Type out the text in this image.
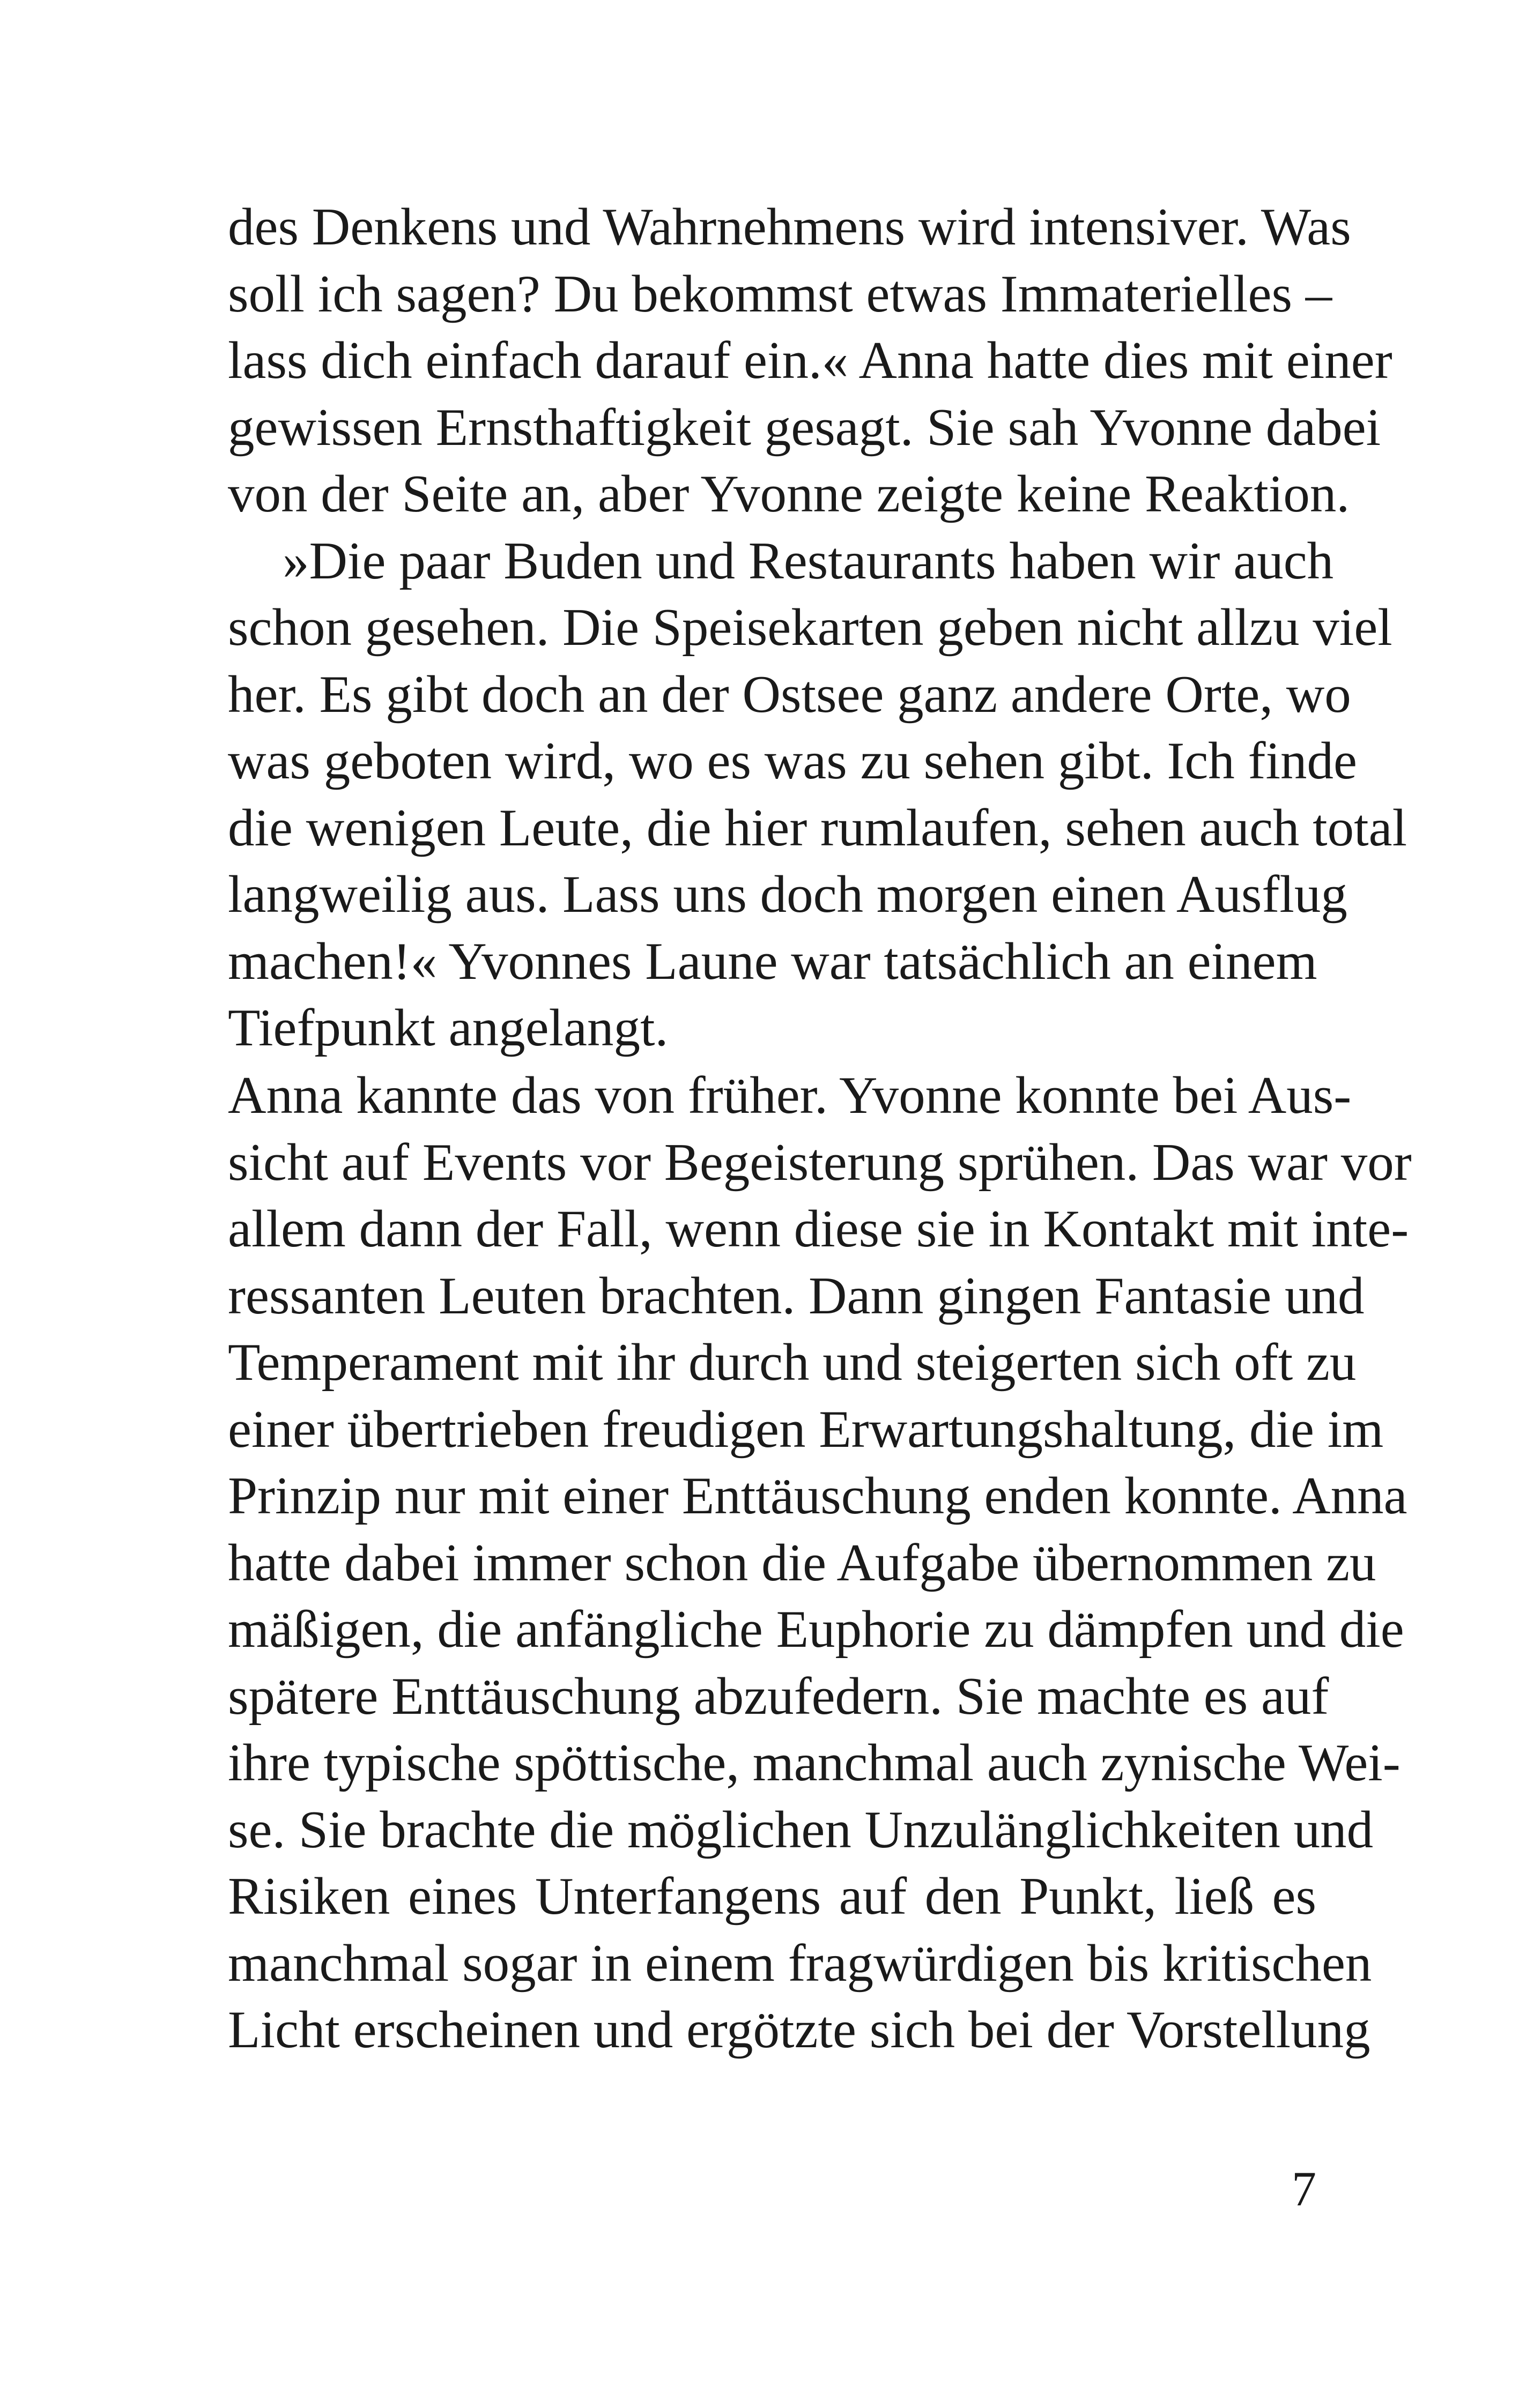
des Denkens und Wahrnehmens wird intensiver. Was
soll ich sagen? Du bekommst etwas Immaterielles –
lass dich einfach darauf ein.« Anna hatte dies mit einer
gewissen Ernsthaftigkeit gesagt. Sie sah Yvonne dabei
von der Seite an, aber Yvonne zeigte keine Reaktion.
»Die paar Buden und Restaurants haben wir auch
schon gesehen. Die Speisekarten geben nicht allzu viel
her. Es gibt doch an der Ostsee ganz andere Orte, wo
was geboten wird, wo es was zu sehen gibt. Ich finde
die wenigen Leute, die hier rumlaufen, sehen auch total
langweilig aus. Lass uns doch morgen einen Ausflug
machen!« Yvonnes Laune war tatsächlich an einem
Tiefpunkt angelangt.
Anna kannte das von früher. Yvonne konnte bei Aus-
sicht auf Events vor Begeisterung sprühen. Das war vor
allem dann der Fall, wenn diese sie in Kontakt mit inte-
ressanten Leuten brachten. Dann gingen Fantasie und
Temperament mit ihr durch und steigerten sich oft zu
einer übertrieben freudigen Erwartungshaltung, die im
Prinzip nur mit einer Enttäuschung enden konnte. Anna
hatte dabei immer schon die Aufgabe übernommen zu
mäßigen, die anfängliche Euphorie zu dämpfen und die
spätere Enttäuschung abzufedern. Sie machte es auf
ihre typische spöttische, manchmal auch zynische Wei-
se. Sie brachte die möglichen Unzulänglichkeiten und
Risiken eines Unterfangens auf den Punkt, ließ es
manchmal sogar in einem fragwürdigen bis kritischen
Licht erscheinen und ergötzte sich bei der Vorstellung
7
